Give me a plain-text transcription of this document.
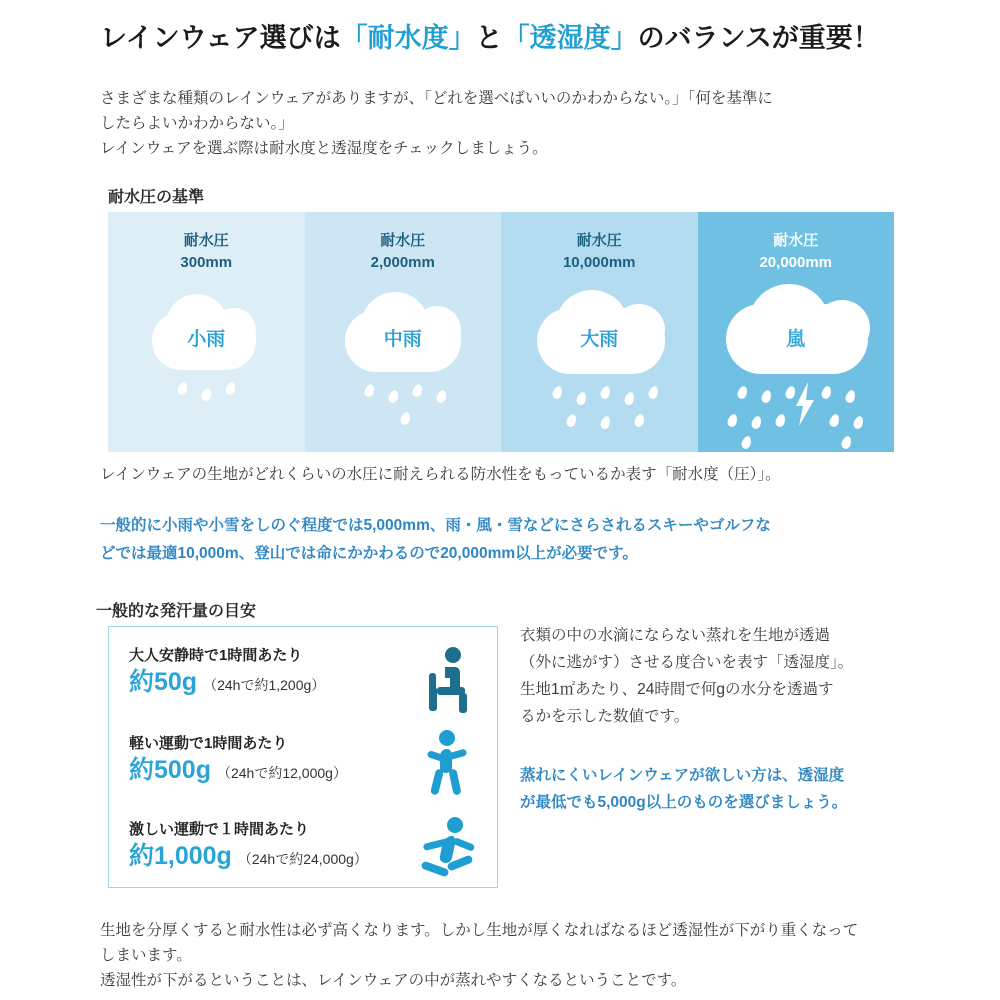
レインウェア選びは「耐水度」と「透湿度」のバランスが重要！
さまざまな種類のレインウェアがありますが、「どれを選べばいいのかわからない。」「何を基準に
したらよいかわからない。」
レインウェアを選ぶ際は耐水度と透湿度をチェックしましょう。
耐水圧の基準
耐水圧
300mm
小雨
耐水圧
2,000mm
中雨
耐水圧
10,000mm
大雨
耐水圧
20,000mm
嵐
レインウェアの生地がどれくらいの水圧に耐えられる防水性をもっているか表す「耐水度（圧）」。
一般的に小雨や小雪をしのぐ程度では5,000mm、雨・風・雪などにさらされるスキーやゴルフな
どでは最適10,000m、登山では命にかかわるので20,000mm以上が必要です。
一般的な発汗量の目安
大人安静時で1時間あたり
約50g （24hで約1,200g）
軽い運動で1時間あたり
約500g （24hで約12,000g）
激しい運動で１時間あたり
約1,000g （24hで約24,000g）
衣類の中の水滴にならない蒸れを生地が透過
（外に逃がす）させる度合いを表す「透湿度」。
生地1㎡あたり、24時間で何gの水分を透過す
るかを示した数値です。
蒸れにくいレインウェアが欲しい方は、透湿度
が最低でも5,000g以上のものを選びましょう。
生地を分厚くすると耐水性は必ず高くなります。しかし生地が厚くなればなるほど透湿性が下がり重くなって
しまいます。
透湿性が下がるということは、レインウェアの中が蒸れやすくなるということです。
